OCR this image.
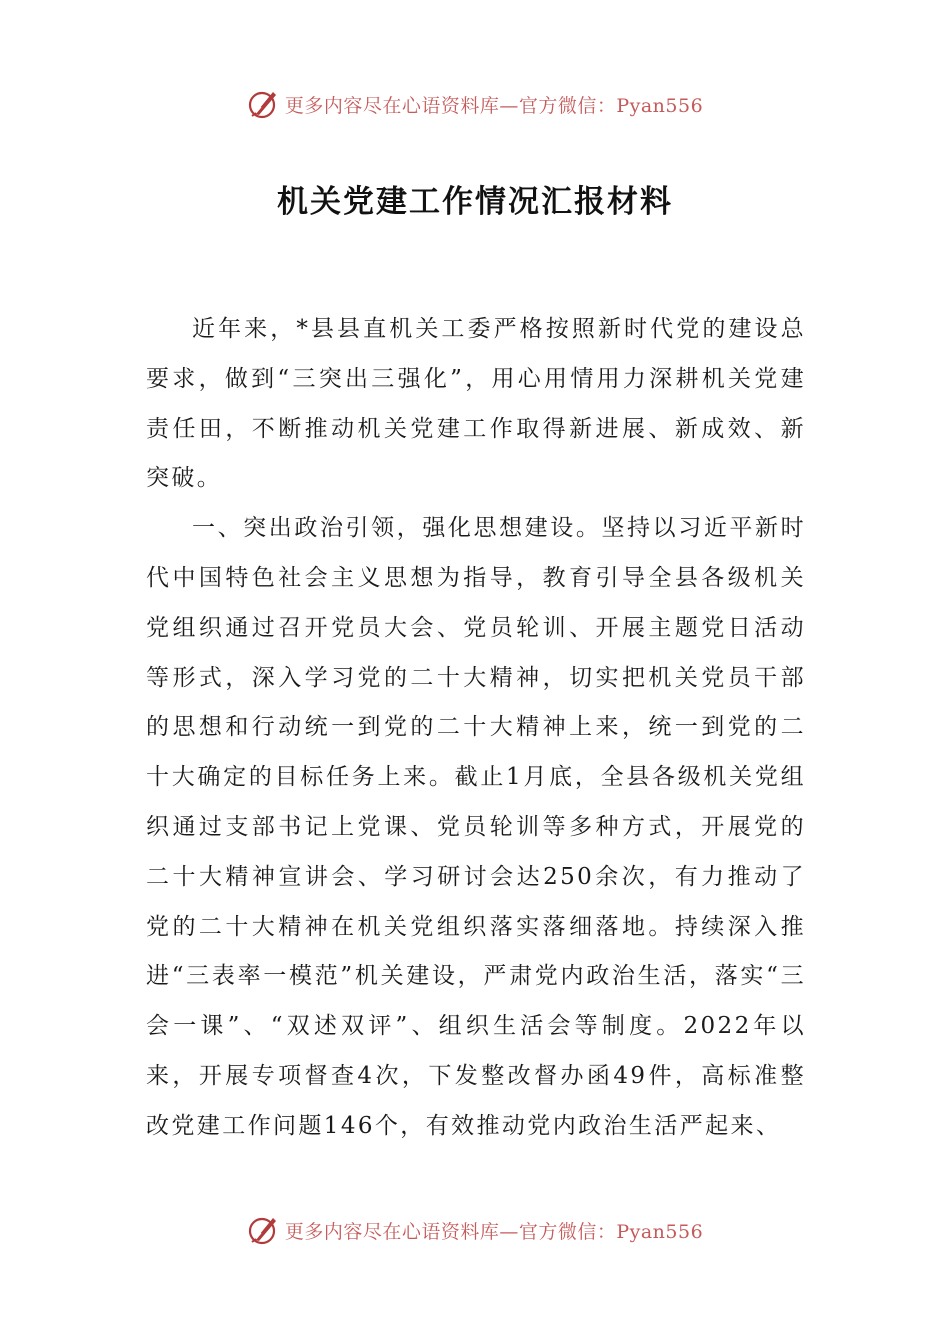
更多内容尽在心语资料库—官方微信：Pyan556
机关党建工作情况汇报材料

近年来，*县县直机关工委严格按照新时代党的建设总要求，做到“三突出三强化”，用心用情用力深耕机关党建责任田，不断推动机关党建工作取得新进展、新成效、新突破。

一、突出政治引领，强化思想建设。坚持以习近平新时代中国特色社会主义思想为指导，教育引导全县各级机关党组织通过召开党员大会、党员轮训、开展主题党日活动等形式，深入学习党的二十大精神，切实把机关党员干部的思想和行动统一到党的二十大精神上来，统一到党的二十大确定的目标任务上来。截止1月底，全县各级机关党组织通过支部书记上党课、党员轮训等多种方式，开展党的二十大精神宣讲会、学习研讨会达250余次，有力推动了党的二十大精神在机关党组织落实落细落地。持续深入推进“三表率一模范”机关建设，严肃党内政治生活，落实“三会一课”、“双述双评”、组织生活会等制度。2022年以来，开展专项督查4次，下发整改督办函49件，高标准整改党建工作问题146个，有效推动党内政治生活严起来、

更多内容尽在心语资料库—官方微信：Pyan556
